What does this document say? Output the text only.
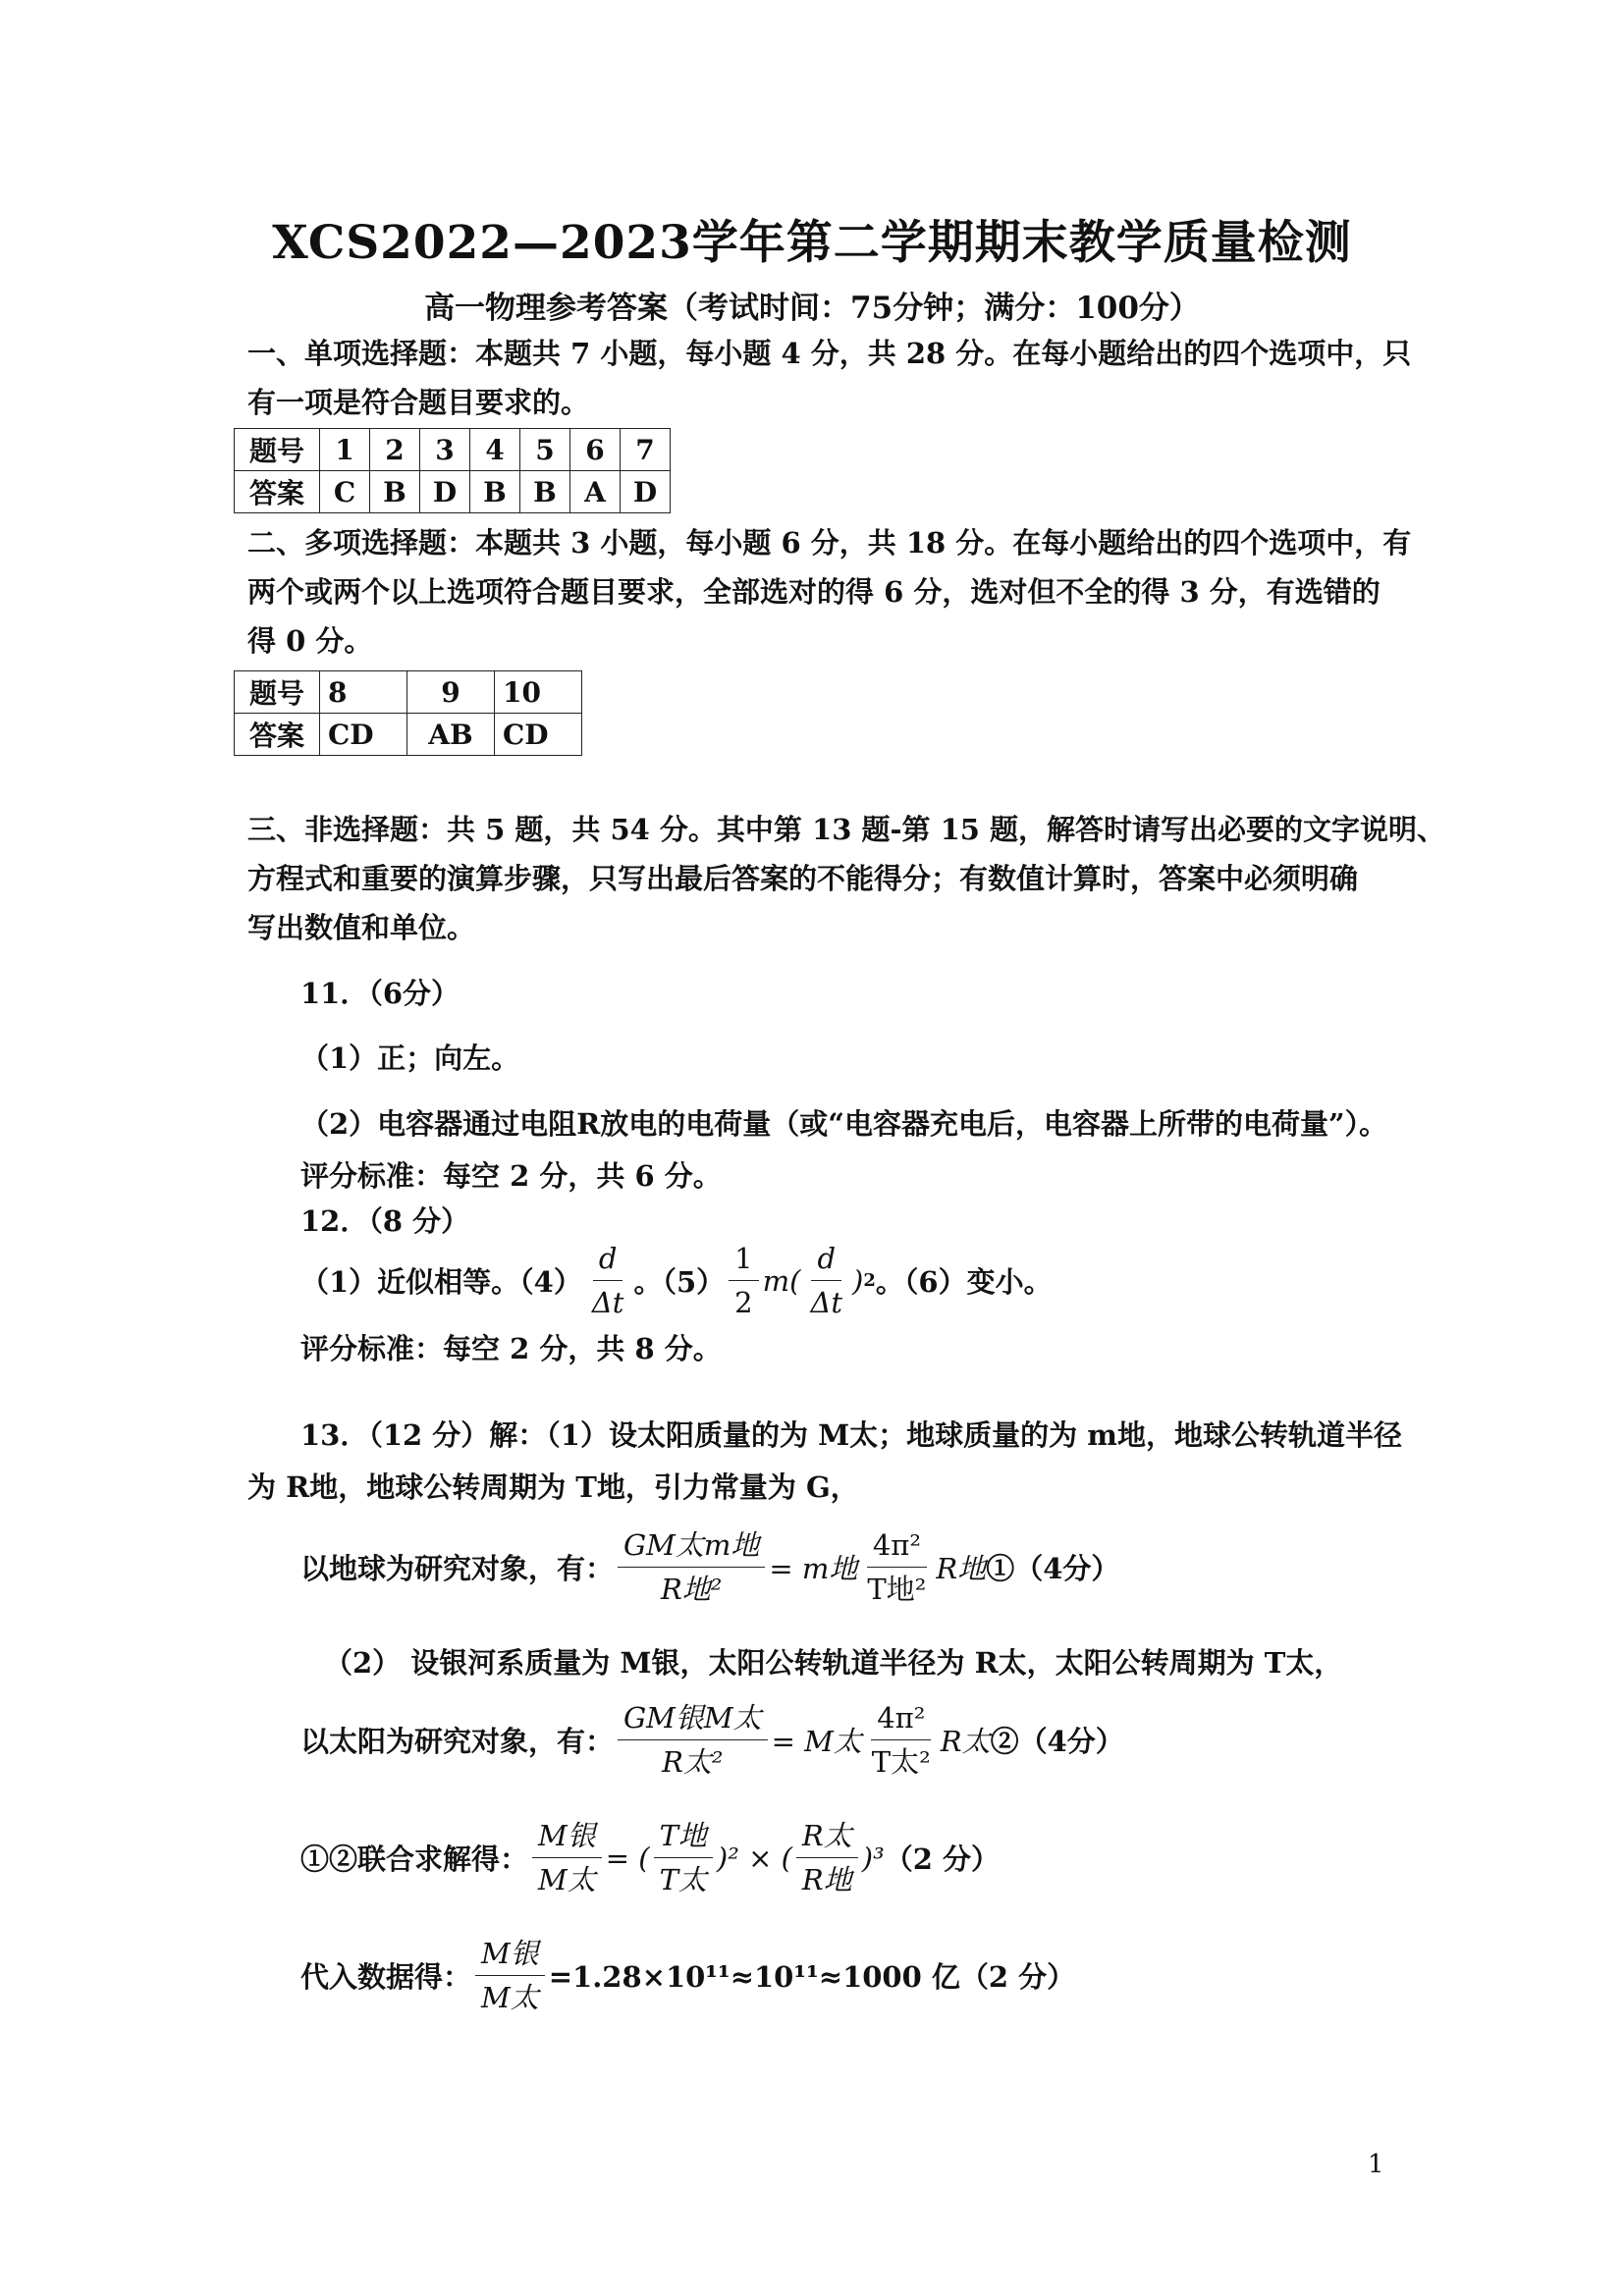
XCS2022—2023学年第二学期期末教学质量检测
高一物理参考答案（考试时间：75分钟；满分：100分）
一、单项选择题：本题共 7 小题，每小题 4 分，共 28 分。在每小题给出的四个选项中，只
有一项是符合题目要求的。
题号	1	2	3	4	5	6	7
答案	C	B	D	B	B	A	D
二、多项选择题：本题共 3 小题，每小题 6 分，共 18 分。在每小题给出的四个选项中，有
两个或两个以上选项符合题目要求，全部选对的得 6 分，选对但不全的得 3 分，有选错的
得 0 分。
题号	8	9	10
答案	CD	AB	CD
三、非选择题：共 5 题，共 54 分。其中第 13 题-第 15 题，解答时请写出必要的文字说明、
方程式和重要的演算步骤，只写出最后答案的不能得分；有数值计算时，答案中必须明确
写出数值和单位。
11．（6分）
（1）正；向左。
（2）电容器通过电阻R放电的电荷量（或“电容器充电后，电容器上所带的电荷量”）。
评分标准：每空 2 分，共 6 分。
12．（8 分）
（1）近似相等。$(4) \frac{d}{\Delta t}$ 。$(5) \frac{1}{2} m( \frac{d}{\Delta t}$ ) 2 。（6）变小。
评分标准：每空 2 分，共 8 分。
13．（12 分）解：（1）设太阳质量的为 M太；地球质量的为 m地，地球公转轨道半径
为 R地，地球公转周期为 T地，引力常量为 G，
以地球为研究对象，有： $\frac{\text{GM太m地}}{\text{R地²}} = m$地 $\frac{\text{4π²}}{\text{T地²}}$ R地 ①（4分）
（2） 设银河系质量为 M银，太阳公转轨道半径为 R太，太阳公转周期为 T太，
以太阳为研究对象，有： $\frac{\text{GM银M太}}{\text{R太²}} = M$太 $\frac{\text{4π²}}{\text{T太²}}$ R太 ②（4分）
①②联合求解得： $\frac{\text{M银}}{\text{M太}}$ = ( $\frac{\text{T地}}{\text{T太}} )^2$ × ( $\frac{\text{R太}}{\text{R地}} )^3$ （2 分）
代入数据得： $\frac{\text{M银}}{\text{M太}} =1.28\times 10^{11}\approx 10^{11}\approx 1000$ 亿（2 分）
1
